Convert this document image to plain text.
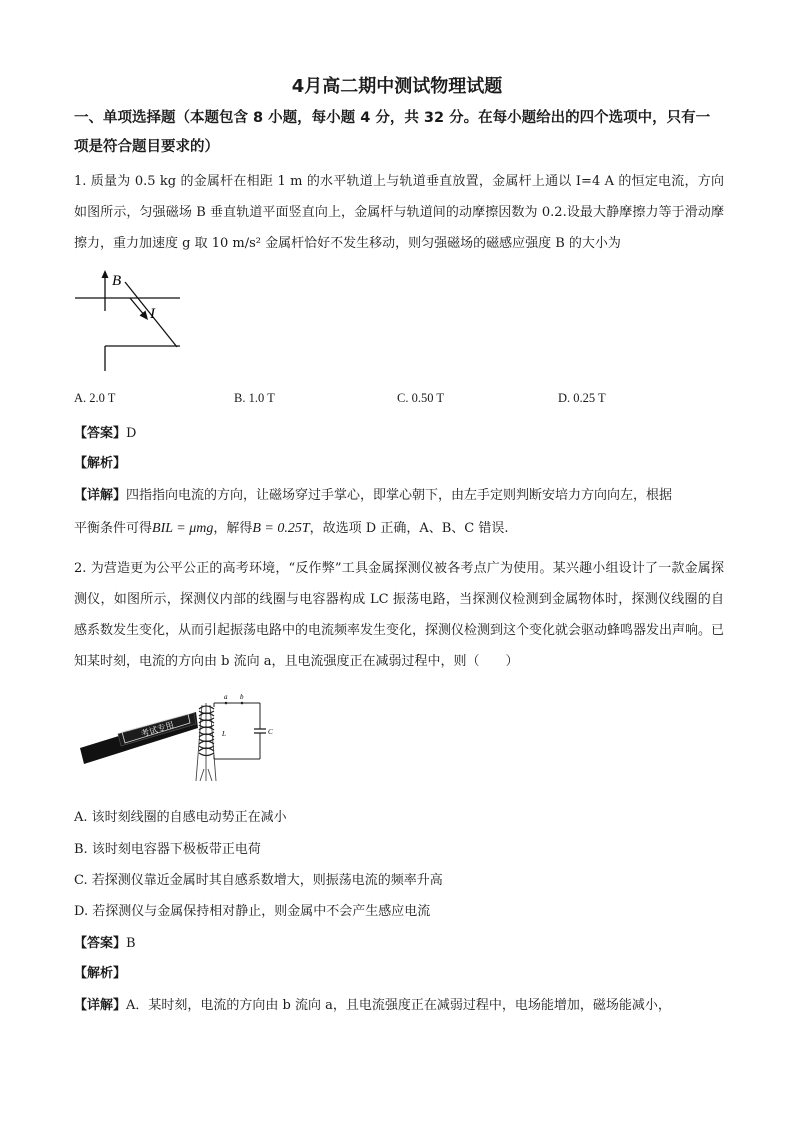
4月高二期中测试物理试题
一、单项选择题（本题包含 8 小题，每小题 4 分，共 32 分。在每小题给出的四个选项中，只有一项是符合题目要求的）
1. 质量为 0.5 kg 的金属杆在相距 1 m 的水平轨道上与轨道垂直放置，金属杆上通以 I=4 A 的恒定电流，方向如图所示，匀强磁场 B 垂直轨道平面竖直向上，金属杆与轨道间的动摩擦因数为 0.2.设最大静摩擦力等于滑动摩擦力，重力加速度 g 取 10 m/s² 金属杆恰好不发生移动，则匀强磁场的磁感应强度 B 的大小为
B
I
A. 2.0 T	B. 1.0 T	C. 0.50 T	D. 0.25 T
【答案】D
【解析】
【详解】四指指向电流的方向，让磁场穿过手掌心，即掌心朝下，由左手定则判断安培力方向向左，根据
平衡条件可得BIL = μmg，解得B = 0.25T，故选项 D 正确，A、B、C 错误.
2. 为营造更为公平公正的高考环境，“反作弊”工具金属探测仪被各考点广为使用。某兴趣小组设计了一款金属探测仪，如图所示，探测仪内部的线圈与电容器构成 LC 振荡电路，当探测仪检测到金属物体时，探测仪线圈的自感系数发生变化，从而引起振荡电路中的电流频率发生变化，探测仪检测到这个变化就会驱动蜂鸣器发出声响。已知某时刻，电流的方向由 b 流向 a，且电流强度正在减弱过程中，则（　　）
考试专用
a b
L	C
A. 该时刻线圈的自感电动势正在减小
B. 该时刻电容器下极板带正电荷
C. 若探测仪靠近金属时其自感系数增大，则振荡电流的频率升高
D. 若探测仪与金属保持相对静止，则金属中不会产生感应电流
【答案】B
【解析】
【详解】A．某时刻，电流的方向由 b 流向 a，且电流强度正在减弱过程中，电场能增加，磁场能减小，
